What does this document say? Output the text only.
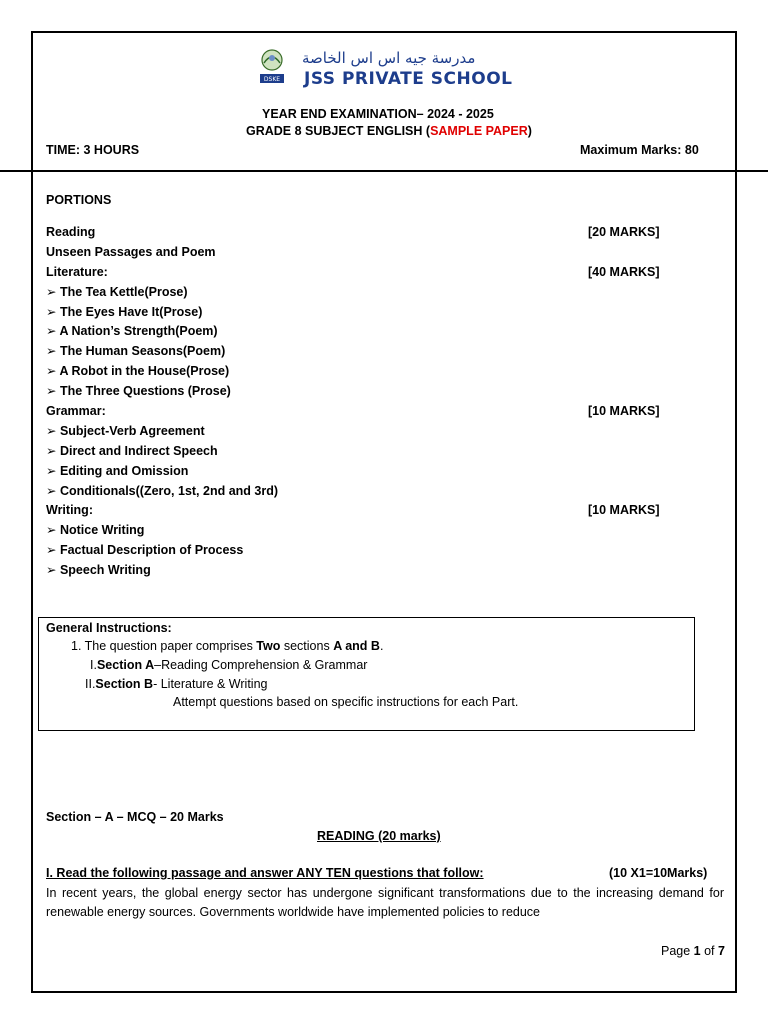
DSKE
مدرسة جيه اس اس الخاصة
JSS PRIVATE SCHOOL
YEAR END EXAMINATION– 2024 - 2025
GRADE 8 SUBJECT ENGLISH (SAMPLE PAPER)
TIME: 3 HOURS	Maximum Marks: 80
PORTIONS
Reading	[20 MARKS]
Unseen Passages and Poem
Literature:	[40 MARKS]
➢ The Tea Kettle(Prose)
➢ The Eyes Have It(Prose)
➢ A Nation’s Strength(Poem)
➢ The Human Seasons(Poem)
➢ A Robot in the House(Prose)
➢ The Three Questions (Prose)
Grammar:	[10 MARKS]
➢ Subject-Verb Agreement
➢ Direct and Indirect Speech
➢ Editing and Omission
➢ Conditionals((Zero, 1st, 2nd and 3rd)
Writing:	[10 MARKS]
➢ Notice Writing
➢ Factual Description of Process
➢ Speech Writing
General Instructions:
1. The question paper comprises Two sections A and B.
I.Section A–Reading Comprehension & Grammar
II.Section B- Literature & Writing
Attempt questions based on specific instructions for each Part.
Section – A – MCQ – 20 Marks
READING (20 marks)
I. Read the following passage and answer ANY TEN questions that follow:	(10 X1=10Marks)
In recent years, the global energy sector has undergone significant transformations due to the increasing demand for renewable energy sources. Governments worldwide have implemented policies to reduce
Page 1 of 7
